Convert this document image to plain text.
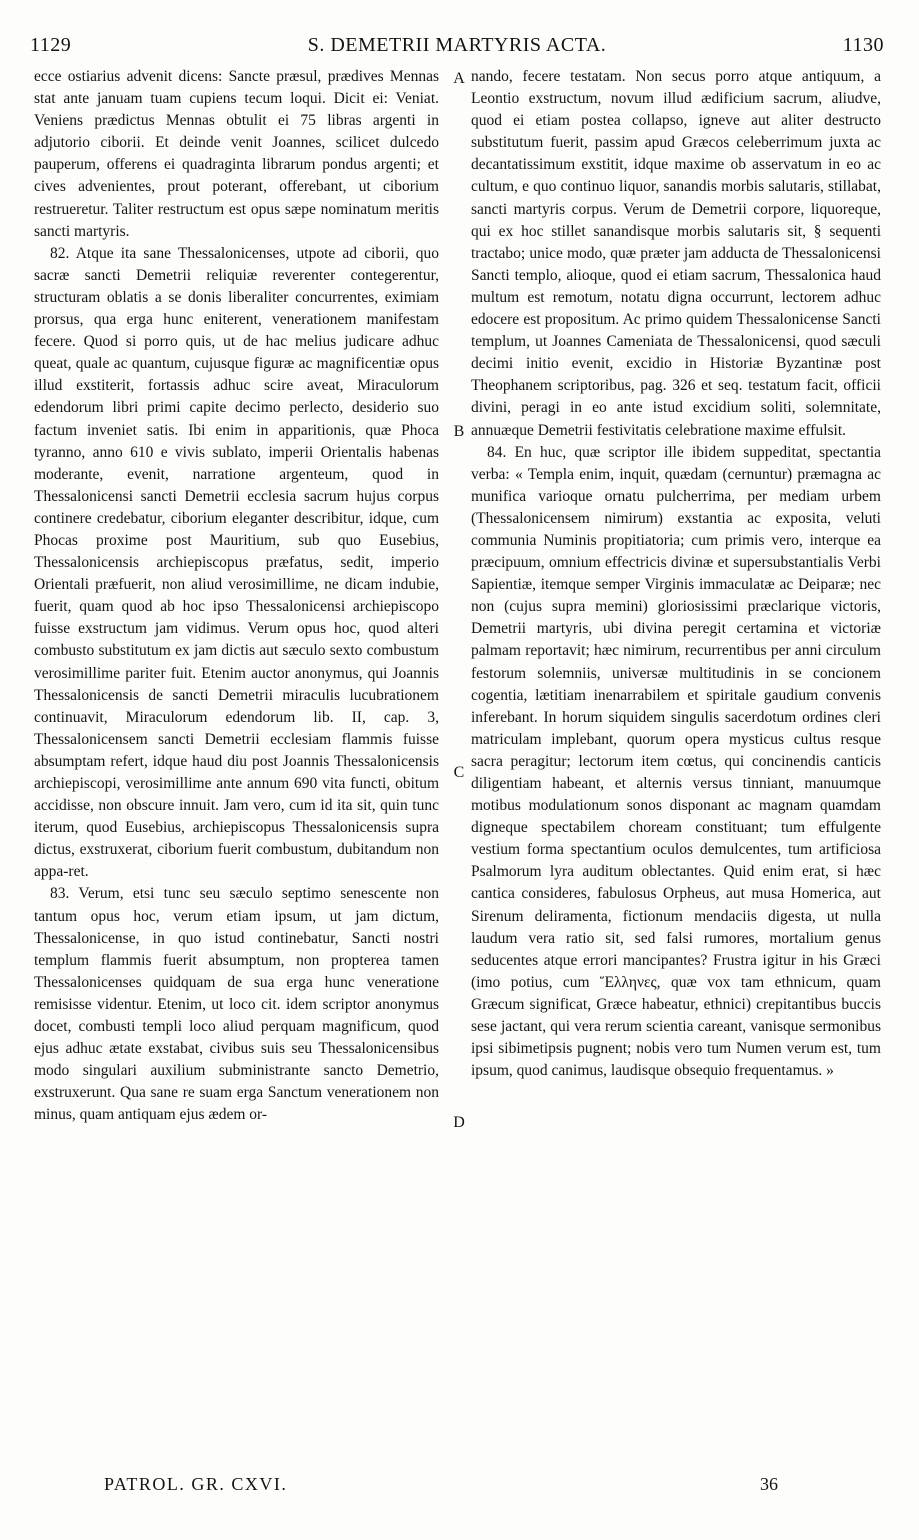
1129	S. DEMETRII MARTYRIS ACTA.	1130

ecce ostiarius advenit dicens: Sancte præsul, prædives Mennas stat ante januam tuam cupiens tecum loqui. Dicit ei: Veniat. Veniens prædictus Mennas obtulit ei 75 libras argenti in adjutorio ciborii. Et deinde venit Joannes, scilicet dulcedo pauperum, offerens ei quadraginta librarum pondus argenti; et cives advenientes, prout poterant, offerebant, ut ciborium restrueretur. Taliter restructum est opus sæpe nominatum meritis sancti martyris.

82. Atque ita sane Thessalonicenses, utpote ad ciborii, quo sacræ sancti Demetrii reliquiæ reverenter contegerentur, structuram oblatis a se donis liberaliter concurrentes, eximiam prorsus, qua erga hunc eniterent, venerationem manifestam fecere. Quod si porro quis, ut de hac melius judicare adhuc queat, quale ac quantum, cujusque figuræ ac magnificentiæ opus illud exstiterit, fortassis adhuc scire aveat, Miraculorum edendorum libri primi capite decimo perlecto, desiderio suo factum inveniet satis. Ibi enim in apparitionis, quæ Phoca tyranno, anno 610 e vivis sublato, imperii Orientalis habenas moderante, evenit, narratione argenteum, quod in Thessalonicensi sancti Demetrii ecclesia sacrum hujus corpus continere credebatur, ciborium eleganter describitur, idque, cum Phocas proxime post Mauritium, sub quo Eusebius, Thessalonicensis archiepiscopus præfatus, sedit, imperio Orientali præfuerit, non aliud verosimillime, ne dicam indubie, fuerit, quam quod ab hoc ipso Thessalonicensi archiepiscopo fuisse exstructum jam vidimus. Verum opus hoc, quod alteri combusto substitutum ex jam dictis aut sæculo sexto combustum verosimillime pariter fuit. Etenim auctor anonymus, qui Joannis Thessalonicensis de sancti Demetrii miraculis lucubrationem continuavit, Miraculorum edendorum lib. II, cap. 3, Thessalonicensem sancti Demetrii ecclesiam flammis fuisse absumptam refert, idque haud diu post Joannis Thessalonicensis archiepiscopi, verosimillime ante annum 690 vita functi, obitum accidisse, non obscure innuit. Jam vero, cum id ita sit, quin tunc iterum, quod Eusebius, archiepiscopus Thessalonicensis supra dictus, exstruxerat, ciborium fuerit combustum, dubitandum non appa-ret.

83. Verum, etsi tunc seu sæculo septimo senescente non tantum opus hoc, verum etiam ipsum, ut jam dictum, Thessalonicense, in quo istud continebatur, Sancti nostri templum flammis fuerit absumptum, non propterea tamen Thessalonicenses quidquam de sua erga hunc veneratione remisisse videntur. Etenim, ut loco cit. idem scriptor anonymus docet, combusti templi loco aliud perquam magnificum, quod ejus adhuc ætate exstabat, civibus suis seu Thessalonicensibus modo singulari auxilium subministrante sancto Demetrio, exstruxerunt. Qua sane re suam erga Sanctum venerationem non minus, quam antiquam ejus ædem or-

A
B
C
D

nando, fecere testatam. Non secus porro atque antiquum, a Leontio exstructum, novum illud ædificium sacrum, aliudve, quod ei etiam postea collapso, igneve aut aliter destructo substitutum fuerit, passim apud Græcos celeberrimum juxta ac decantatissimum exstitit, idque maxime ob asservatum in eo ac cultum, e quo continuo liquor, sanandis morbis salutaris, stillabat, sancti martyris corpus. Verum de Demetrii corpore, liquoreque, qui ex hoc stillet sanandisque morbis salutaris sit, § sequenti tractabo; unice modo, quæ præter jam adducta de Thessalonicensi Sancti templo, alioque, quod ei etiam sacrum, Thessalonica haud multum est remotum, notatu digna occurrunt, lectorem adhuc edocere est propositum. Ac primo quidem Thessalonicense Sancti templum, ut Joannes Cameniata de Thessalonicensi, quod sæculi decimi initio evenit, excidio in Historiæ Byzantinæ post Theophanem scriptoribus, pag. 326 et seq. testatum facit, officii divini, peragi in eo ante istud excidium soliti, solemnitate, annuæque Demetrii festivitatis celebratione maxime effulsit.

84. En huc, quæ scriptor ille ibidem suppeditat, spectantia verba: « Templa enim, inquit, quædam (cernuntur) præmagna ac munifica varioque ornatu pulcherrima, per mediam urbem (Thessalonicensem nimirum) exstantia ac exposita, veluti communia Numinis propitiatoria; cum primis vero, interque ea præcipuum, omnium effectricis divinæ et supersubstantialis Verbi Sapientiæ, itemque semper Virginis immaculatæ ac Deiparæ; nec non (cujus supra memini) gloriosissimi præclarique victoris, Demetrii martyris, ubi divina peregit certamina et victoriæ palmam reportavit; hæc nimirum, recurrentibus per anni circulum festorum solemniis, universæ multitudinis in se concionem cogentia, lætitiam inenarrabilem et spiritale gaudium convenis inferebant. In horum siquidem singulis sacerdotum ordines cleri matriculam implebant, quorum opera mysticus cultus resque sacra peragitur; lectorum item cœtus, qui concinendis canticis diligentiam habeant, et alternis versus tinniant, manuumque motibus modulationum sonos disponant ac magnam quamdam digneque spectabilem choream constituant; tum effulgente vestium forma spectantium oculos demulcentes, tum artificiosa Psalmorum lyra auditum oblectantes. Quid enim erat, si hæc cantica consideres, fabulosus Orpheus, aut musa Homerica, aut Sirenum deliramenta, fictionum mendaciis digesta, ut nulla laudum vera ratio sit, sed falsi rumores, mortalium genus seducentes atque errori mancipantes? Frustra igitur in his Græci (imo potius, cum Ἕλληνες, quæ vox tam ethnicum, quam Græcum significat, Græce habeatur, ethnici) crepitantibus buccis sese jactant, qui vera rerum scientia careant, vanisque sermonibus ipsi sibimetipsis pugnent; nobis vero tum Numen verum est, tum ipsum, quod canimus, laudisque obsequio frequentamus. »

PATROL. GR. CXVI.	36
